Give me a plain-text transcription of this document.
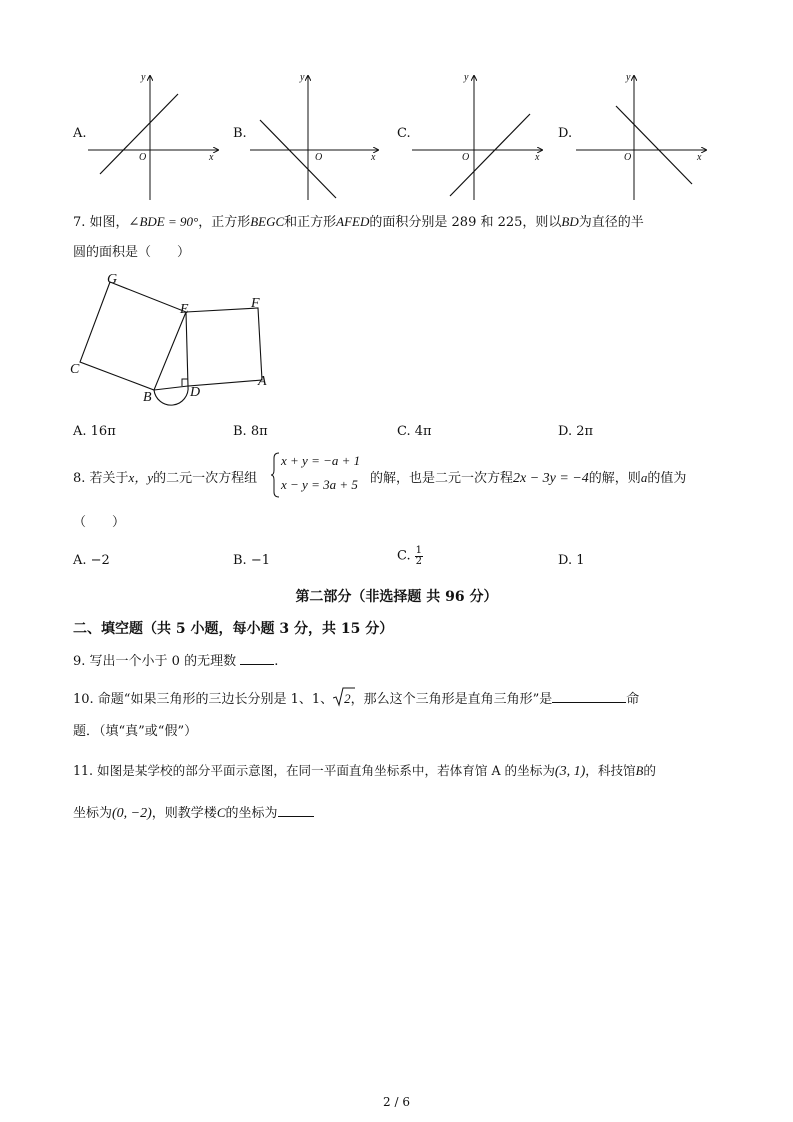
A.
y
x
O
B.
y
x
O
C.
y
x
O
D.
y
x
O
7. 如图，∠BDE = 90°，正方形BEGC和正方形AFED的面积分别是 289 和 225，则以BD为直径的半
圆的面积是（　　）
G
E	F
C
A
B	D
A. 16π	B. 8π	C. 4π	D. 2π
8. 若关于x，y的二元一次方程组
x + y = −a + 1
x − y = 3a + 5 的解，也是二元一次方程2x − 3y = −4的解，则a的值为
（　　）
A. −2	B. −1	C. $\frac{1}{2}$	D. 1
第二部分（非选择题 共 96 分）
二、填空题（共 5 小题，每小题 3 分，共 15 分）
9. 写出一个小于 0 的无理数	.
10. 命题“如果三角形的三边长分别是 1、1、 2，那么这个三角形是直角三角形”是	命
题．（填“真”或“假”）
11. 如图是某学校的部分平面示意图，在同一平面直角坐标系中，若体育馆 A 的坐标为(3, 1)，科技馆B的
坐标为(0, −2)，则教学楼C的坐标为
2 / 6
